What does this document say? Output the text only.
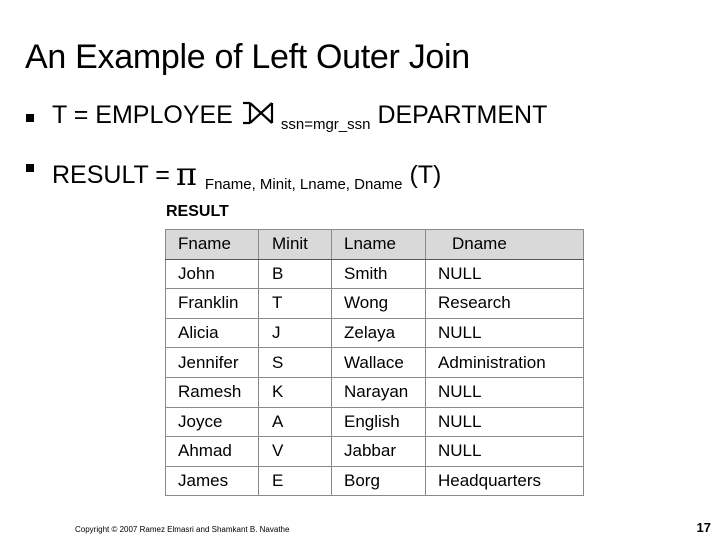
An Example of Left Outer Join
T = EMPLOYEE	$_{ssn=mgr\_ssn}$ DEPARTMENT
RESULT = π $_{Fname, Minit, Lname, Dname}$ (T)
RESULT
Fname	Minit	Lname	Dname
John	B	Smith	NULL
Franklin	T	Wong	Research
Alicia	J	Zelaya	NULL
Jennifer	S	Wallace	Administration
Ramesh	K	Narayan	NULL
Joyce	A	English	NULL
Ahmad	V	Jabbar	NULL
James	E	Borg	Headquarters
Copyright © 2007 Ramez Elmasri and Shamkant B. Navathe	17
